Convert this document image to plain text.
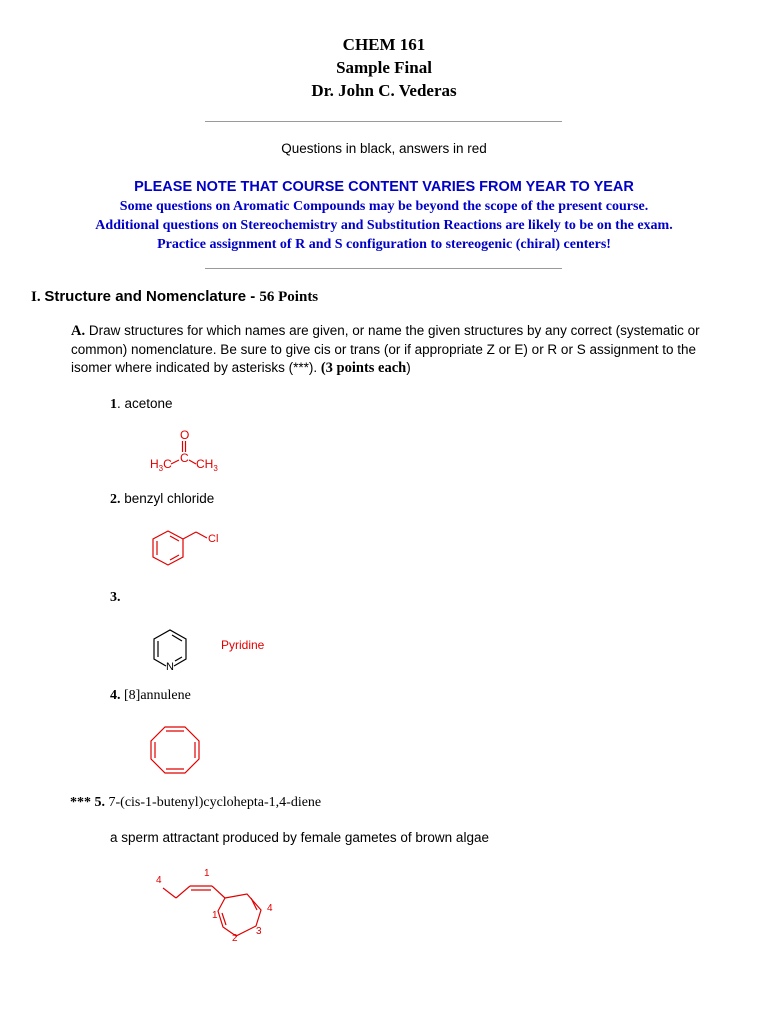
CHEM 161
Sample Final
Dr. John C. Vederas
Questions in black, answers in red
PLEASE NOTE THAT COURSE CONTENT VARIES FROM YEAR TO YEAR
Some questions on Aromatic Compounds may be beyond the scope of the present course.
Additional questions on Stereochemistry and Substitution Reactions are likely to be on the exam.
Practice assignment of R and S configuration to stereogenic (chiral) centers!
I. Structure and Nomenclature - 56 Points
A. Draw structures for which names are given, or name the given structures by any correct (systematic or common) nomenclature. Be sure to give cis or trans (or if appropriate Z or E) or R or S assignment to the isomer where indicated by asterisks (***). (3 points each)
1. acetone
O
C
$H_3C$ $CH_3$
2. benzyl chloride
Cl
3.
N
Pyridine
4. [8]annulene
*** 5. 7-(cis-1-butenyl)cyclohepta-1,4-diene
a sperm attractant produced by female gametes of brown algae
4
1
1
4
2
3
